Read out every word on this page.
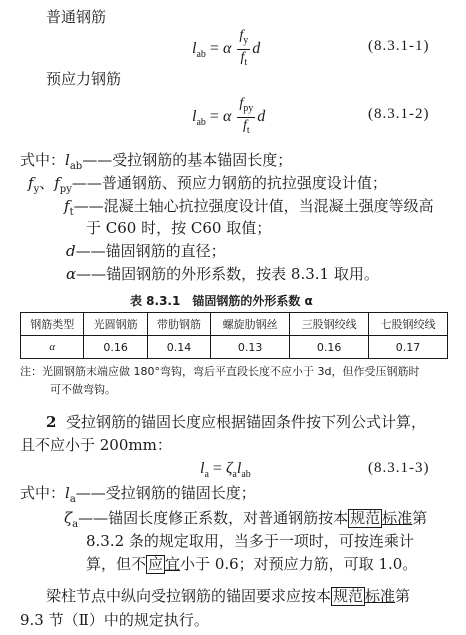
普通钢筋
$l_{ab} = \alpha \frac{f_y}{f_t}$ d	(8.3.1-1)
预应力钢筋
$l_{ab} = \alpha \frac{f_{py}}{f_t}$ d	(8.3.1-2)
式中：$l_{ab}——$受拉钢筋的基本锚固长度；
$f_y$、$f_{py}——$普通钢筋、预应力钢筋的抗拉强度设计值；
$f_t——$混凝土轴心抗拉强度设计值，当混凝土强度等级高
于 C60 时，按 C60 取值；
d——锚固钢筋的直径；
α——锚固钢筋的外形系数，按表 8.3.1 取用。
表 8.3.1　锚固钢筋的外形系数 α
钢筋类型	光圆钢筋	带肋钢筋	螺旋肋钢丝	三股钢绞线	七股钢绞线
α	0.16	0.14	0.13	0.16	0.17
注：光圆钢筋末端应做 180°弯钩，弯后平直段长度不应小于 3d，但作受压钢筋时
可不做弯钩。
2 受拉钢筋的锚固长度应根据锚固条件按下列公式计算，
且不应小于 200mm：
$l_a = \zeta_al_{ab}$	(8.3.1-3)
式中：$l_a——$受拉钢筋的锚固长度；
$\zeta_a——$锚固长度修正系数，对普通钢筋按本 规范 标准第
8.3.2 条的规定取用，当多于一项时，可按连乘计
算，但不 应 宜小于 0.6；对预应力筋，可取 1.0。
梁柱节点中纵向受拉钢筋的锚固要求应按本 规范 标准第
9.3 节（Ⅱ）中的规定执行。
